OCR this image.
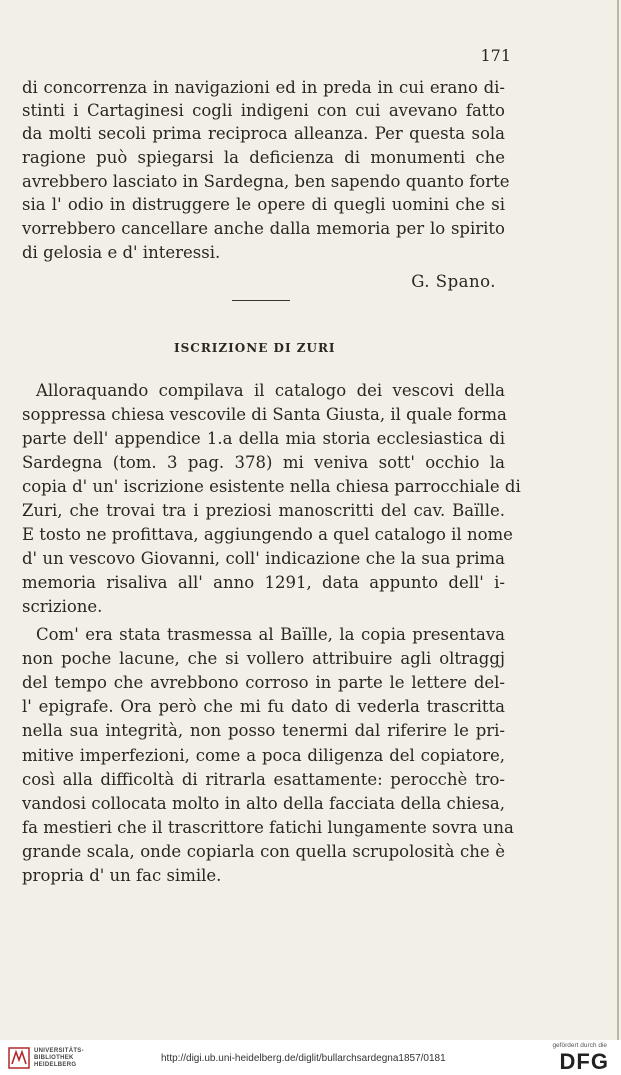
171
di concorrenza in navigazioni ed in preda in cui erano di-
stinti i Cartaginesi cogli indigeni con cui avevano fatto
da molti secoli prima reciproca alleanza. Per questa sola
ragione può spiegarsi la deficienza di monumenti che
avrebbero lasciato in Sardegna, ben sapendo quanto forte
sia l' odio in distruggere le opere di quegli uomini che si
vorrebbero cancellare anche dalla memoria per lo spirito
di gelosia e d' interessi.
G. Spano.
ISCRIZIONE DI ZURI
Alloraquando compilava il catalogo dei vescovi della
soppressa chiesa vescovile di Santa Giusta, il quale forma
parte dell' appendice 1.a della mia storia ecclesiastica di
Sardegna (tom. 3 pag. 378) mi veniva sott' occhio la
copia d' un' iscrizione esistente nella chiesa parrocchiale di
Zuri, che trovai tra i preziosi manoscritti del cav. Baïlle.
E tosto ne profittava, aggiungendo a quel catalogo il nome
d' un vescovo Giovanni, coll' indicazione che la sua prima
memoria risaliva all' anno 1291, data appunto dell' i-
scrizione.
Com' era stata trasmessa al Baïlle, la copia presentava
non poche lacune, che si vollero attribuire agli oltraggj
del tempo che avrebbono corroso in parte le lettere del-
l' epigrafe. Ora però che mi fu dato di vederla trascritta
nella sua integrità, non posso tenermi dal riferire le pri-
mitive imperfezioni, come a poca diligenza del copiatore,
così alla difficoltà di ritrarla esattamente: perocchè tro-
vandosi collocata molto in alto della facciata della chiesa,
fa mestieri che il trascrittore fatichi lungamente sovra una
grande scala, onde copiarla con quella scrupolosità che è
propria d' un fac simile.
UNIVERSITÄTS-
BIBLIOTHEK
HEIDELBERG
http://digi.ub.uni-heidelberg.de/diglit/bullarchsardegna1857/0181
gefördert durch die
DFG
